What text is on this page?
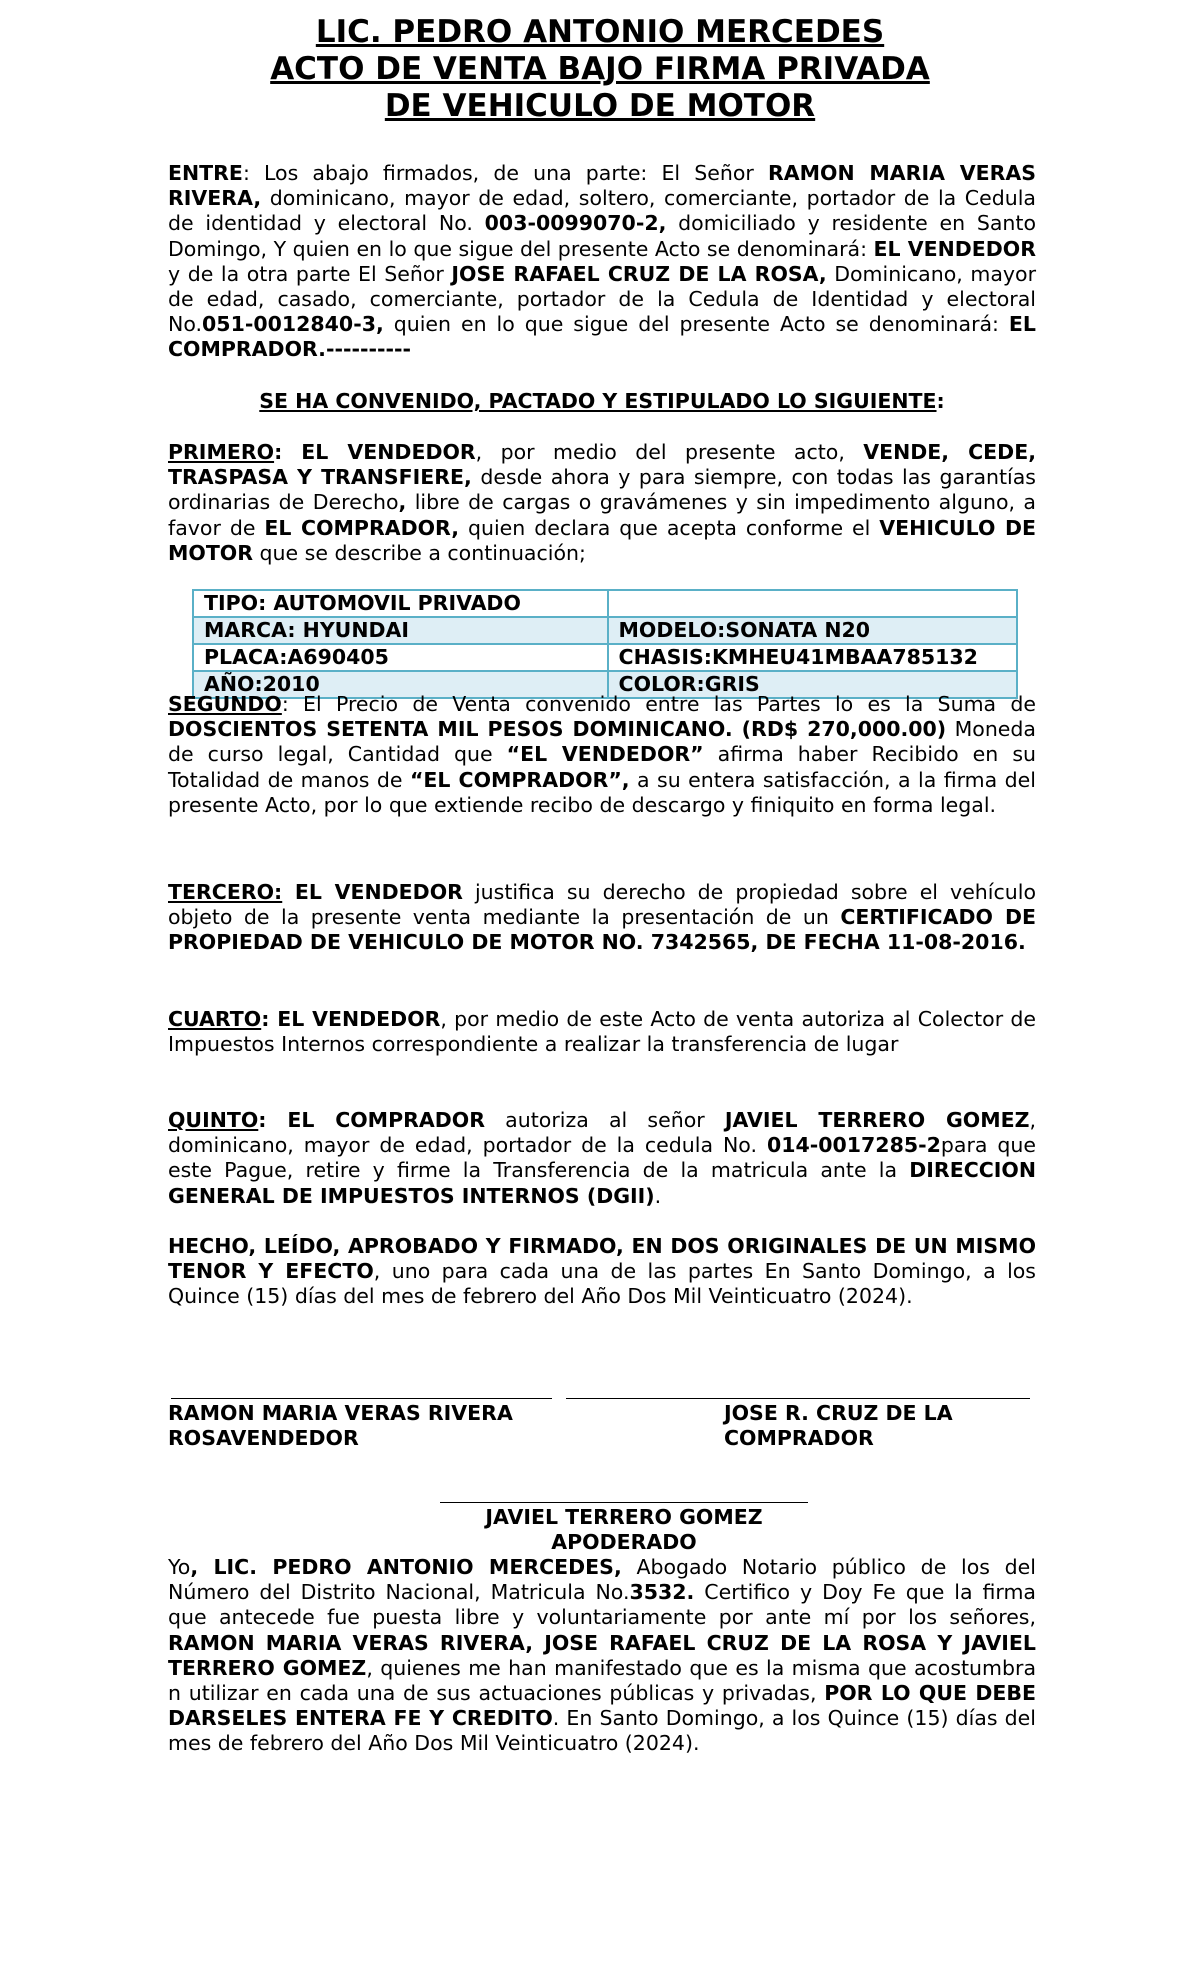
LIC. PEDRO ANTONIO MERCEDES
ACTO DE VENTA BAJO FIRMA PRIVADA
DE VEHICULO DE MOTOR

ENTRE: Los abajo firmados, de una parte: El Señor RAMON MARIA VERAS RIVERA, dominicano, mayor de edad, soltero, comerciante, portador de la Cedula de identidad y electoral No. 003-0099070-2, domiciliado y residente en Santo Domingo, Y quien en lo que sigue del presente Acto se denominará: EL VENDEDOR y de la otra parte El Señor JOSE RAFAEL CRUZ DE LA ROSA, Dominicano, mayor de edad, casado, comerciante, portador de la Cedula de Identidad y electoral No.051-0012840-3, quien en lo que sigue del presente Acto se denominará: EL COMPRADOR.----------

SE HA CONVENIDO, PACTADO Y ESTIPULADO LO SIGUIENTE:

PRIMERO: EL VENDEDOR, por medio del presente acto, VENDE, CEDE, TRASPASA Y TRANSFIERE, desde ahora y para siempre, con todas las garantías ordinarias de Derecho, libre de cargas o gravámenes y sin impedimento alguno, a favor de EL COMPRADOR, quien declara que acepta conforme el VEHICULO DE MOTOR que se describe a continuación;

TIPO: AUTOMOVIL PRIVADO	
MARCA: HYUNDAI	MODELO:SONATA N20
PLACA:A690405	CHASIS:KMHEU41MBAA785132
AÑO:2010	COLOR:GRIS

SEGUNDO: El Precio de Venta convenido entre las Partes lo es la Suma de DOSCIENTOS SETENTA MIL PESOS DOMINICANO. (RD$ 270,000.00) Moneda de curso legal, Cantidad que “EL VENDEDOR” afirma haber Recibido en su Totalidad de manos de “EL COMPRADOR”, a su entera satisfacción, a la firma del presente Acto, por lo que extiende recibo de descargo y finiquito en forma legal.

TERCERO: EL VENDEDOR justifica su derecho de propiedad sobre el vehículo objeto de la presente venta mediante la presentación de un CERTIFICADO DE PROPIEDAD DE VEHICULO DE MOTOR NO. 7342565, DE FECHA 11-08-2016.

CUARTO: EL VENDEDOR, por medio de este Acto de venta autoriza al Colector de Impuestos Internos correspondiente a realizar la transferencia de lugar

QUINTO: EL COMPRADOR autoriza al señor JAVIEL TERRERO GOMEZ, dominicano, mayor de edad, portador de la cedula No. 014-0017285-2para que este Pague, retire y firme la Transferencia de la matricula ante la DIRECCION GENERAL DE IMPUESTOS INTERNOS (DGII).

HECHO, LEÍDO, APROBADO Y FIRMADO, EN DOS ORIGINALES DE UN MISMO TENOR Y EFECTO, uno para cada una de las partes En Santo Domingo, a los Quince (15) días del mes de febrero del Año Dos Mil Veinticuatro (2024).

RAMON MARIA VERAS RIVERA
ROSAVENDEDOR
JOSE R. CRUZ DE LA
COMPRADOR
JAVIEL TERRERO GOMEZ
APODERADO

Yo, LIC. PEDRO ANTONIO MERCEDES, Abogado Notario público de los del Número del Distrito Nacional, Matricula No.3532. Certifico y Doy Fe que la firma que antecede fue puesta libre y voluntariamente por ante mí por los señores, RAMON MARIA VERAS RIVERA, JOSE RAFAEL CRUZ DE LA ROSA Y JAVIEL TERRERO GOMEZ, quienes me han manifestado que es la misma que acostumbra n utilizar en cada una de sus actuaciones públicas y privadas, POR LO QUE DEBE DARSELES ENTERA FE Y CREDITO. En Santo Domingo, a los Quince (15) días del mes de febrero del Año Dos Mil Veinticuatro (2024).
